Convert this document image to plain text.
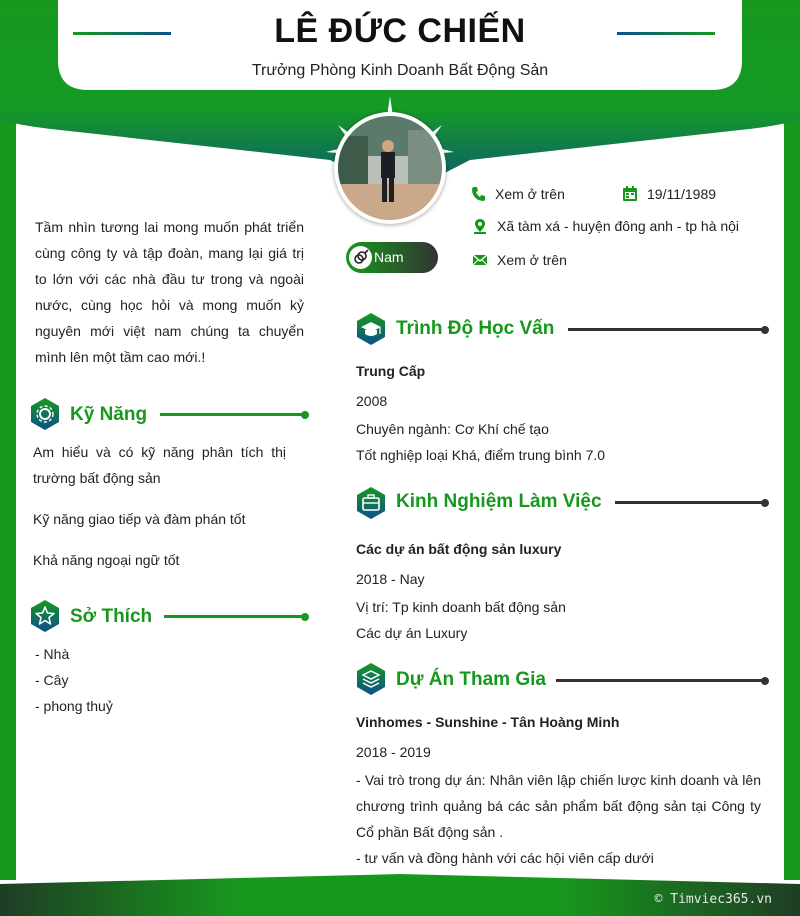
LÊ ĐỨC CHIẾN
Trưởng Phòng Kinh Doanh Bất Động Sản
Nam
Xem ở trên	19/11/1989
Xã tàm xá - huyện đông anh - tp hà nội
Xem ở trên
Tầm nhìn tương lai mong muốn phát triển cùng công ty và tập đoàn, mang lại giá trị to lớn với các nhà đầu tư trong và ngoài nước, cùng học hỏi và mong muốn kỷ nguyên mới việt nam chúng ta chuyển mình lên một tầm cao mới.!
Kỹ Năng
Am hiểu và có kỹ năng phân tích thị trường bất động sản
Kỹ năng giao tiếp và đàm phán tốt
Khả năng ngoại ngữ tốt
Sở Thích
- Nhà
- Cây
- phong thuỷ
Trình Độ Học Vấn
Trung Cấp
2008
Chuyên ngành: Cơ Khí chế tạo
Tốt nghiệp loại Khá, điểm trung bình 7.0
Kinh Nghiệm Làm Việc
Các dự án bất động sản luxury
2018 - Nay
Vị trí: Tp kinh doanh bất động sản
Các dự án Luxury
Dự Án Tham Gia
Vinhomes - Sunshine - Tân Hoàng Minh
2018 - 2019
- Vai trò trong dự án: Nhân viên lập chiến lược kinh doanh và lên chương trình quảng bá các sản phẩm bất động sản tại Công ty Cổ phần Bất động sản .
- tư vấn và đồng hành với các hội viên cấp dưới
© Timviec365.vn
